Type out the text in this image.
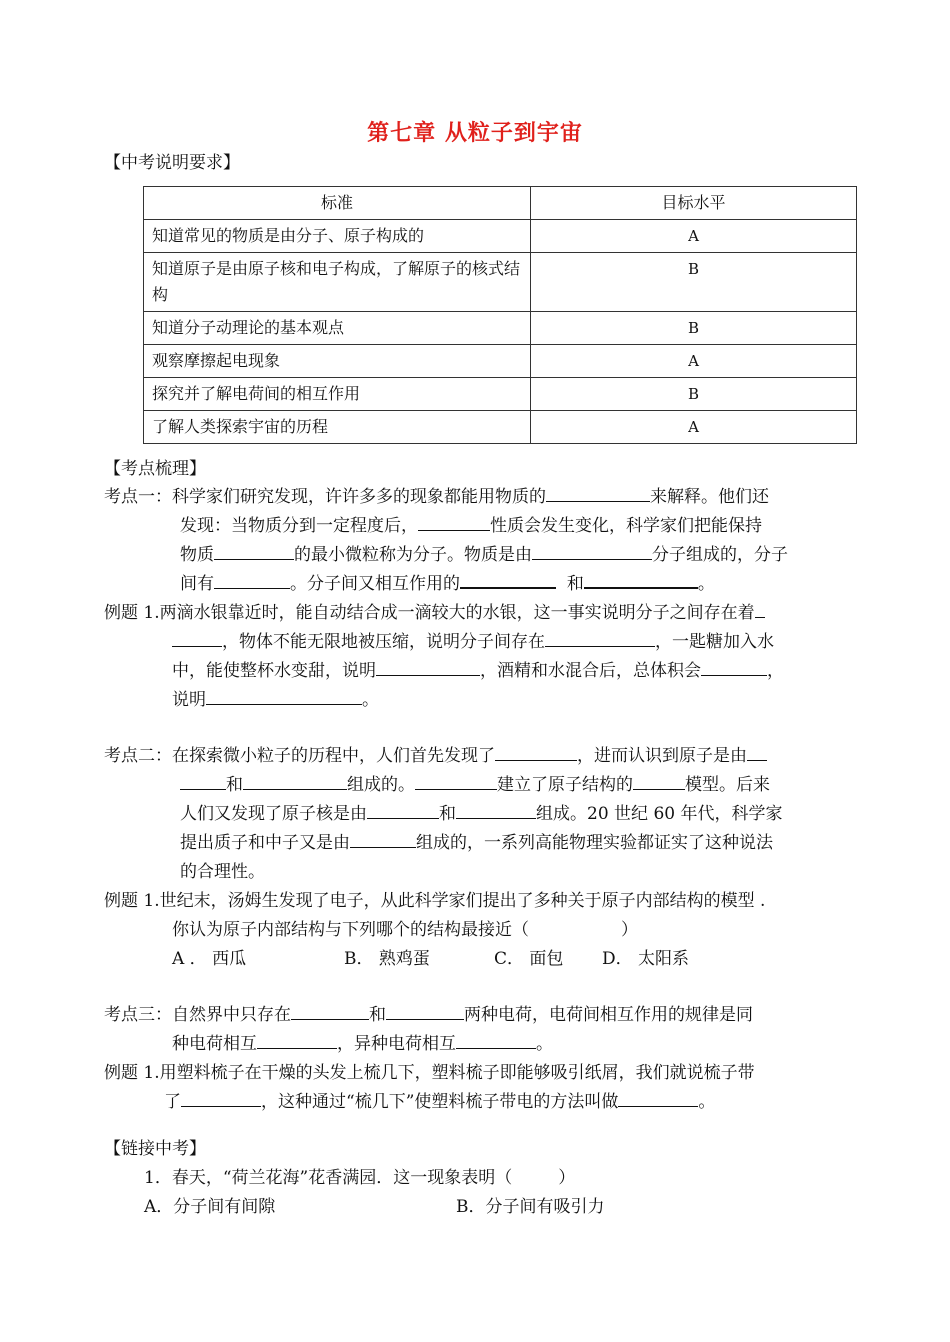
第七章 从粒子到宇宙
【中考说明要求】
标准	目标水平
知道常见的物质是由分子、原子构成的	A
知道原子是由原子核和电子构成，了解原子的核式结构	B
知道分子动理论的基本观点	B
观察摩擦起电现象	A
探究并了解电荷间的相互作用	B
了解人类探索宇宙的历程	A
【考点梳理】
考点一：科学家们研究发现，许许多多的现象都能用物质的	来解释。他们还
发现：当物质分到一定程度后，	性质会发生变化，科学家们把能保持
物质	的最小微粒称为分子。物质是由	分子组成的，分子
间有	。分子间又相互作用的	和	。
例题 1.两滴水银靠近时，能自动结合成一滴较大的水银，这一事实说明分子之间存在着
，物体不能无限地被压缩，说明分子间存在	，一匙糖加入水
中，能使整杯水变甜，说明	，酒精和水混合后，总体积会	，
说明	。
考点二：在探索微小粒子的历程中，人们首先发现了	，进而认识到原子是由
和	组成的。	建立了原子结构的	模型。后来
人们又发现了原子核是由	和	组成。20 世纪 60 年代，科学家
提出质子和中子又是由	组成的，一系列高能物理实验都证实了这种说法
的合理性。
例题 1.世纪末，汤姆生发现了电子，从此科学家们提出了多种关于原子内部结构的模型 .
你认为原子内部结构与下列哪个的结构最接近（	）
A ． 西瓜	B． 熟鸡蛋	C． 面包 D． 太阳系
考点三：自然界中只存在	和	两种电荷，电荷间相互作用的规律是同
种电荷相互	，异种电荷相互	。
例题 1.用塑料梳子在干燥的头发上梳几下，塑料梳子即能够吸引纸屑，我们就说梳子带
了	，这种通过“梳几下”使塑料梳子带电的方法叫做	。
【链接中考】
1．春天，“荷兰花海”花香满园．这一现象表明（	）
A．分子间有间隙	B．分子间有吸引力
